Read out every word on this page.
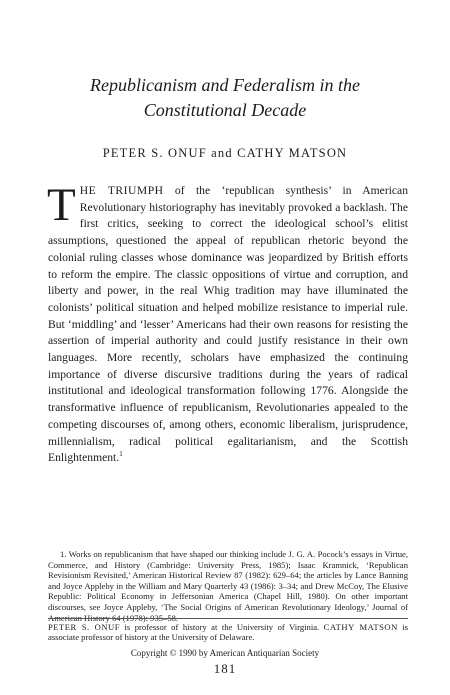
Republicanism and Federalism in the
Constitutional Decade
PETER S. ONUF and CATHY MATSON

THE TRIUMPH of the ‘republican synthesis’ in American Revolutionary historiography has inevitably provoked a backlash. The first critics, seeking to correct the ideological school’s elitist assumptions, questioned the appeal of republican rhetoric beyond the colonial ruling classes whose dominance was jeopardized by British efforts to reform the empire. The classic oppositions of virtue and corruption, and liberty and power, in the real Whig tradition may have illuminated the colonists’ political situation and helped mobilize resistance to imperial rule. But ‘middling’ and ‘lesser’ Americans had their own reasons for resisting the assertion of imperial authority and could justify resistance in their own languages. More recently, scholars have emphasized the continuing importance of diverse discursive traditions during the years of radical institutional and ideological transformation following 1776. Alongside the transformative influence of republicanism, Revolutionaries appealed to the competing discourses of, among others, economic liberalism, jurisprudence, millennialism, radical political egalitarianism, and the Scottish Enlightenment.$^1$

1. Works on republicanism that have shaped our thinking include J. G. A. Pocock’s essays in Virtue, Commerce, and History (Cambridge: University Press, 1985); Isaac Kramnick, ‘Republican Revisionism Revisited,’ American Historical Review 87 (1982): 629–64; the articles by Lance Banning and Joyce Appleby in the William and Mary Quarterly 43 (1986): 3–34; and Drew McCoy, The Elusive Republic: Political Economy in Jeffersonian America (Chapel Hill, 1980). On other important discourses, see Joyce Appleby, ‘The Social Origins of American Revolutionary Ideology,’ Journal of American History 64 (1978): 935–58.

PETER S. ONUF is professor of history at the University of Virginia. CATHY MATSON is associate professor of history at the University of Delaware.

Copyright © 1990 by American Antiquarian Society
181
